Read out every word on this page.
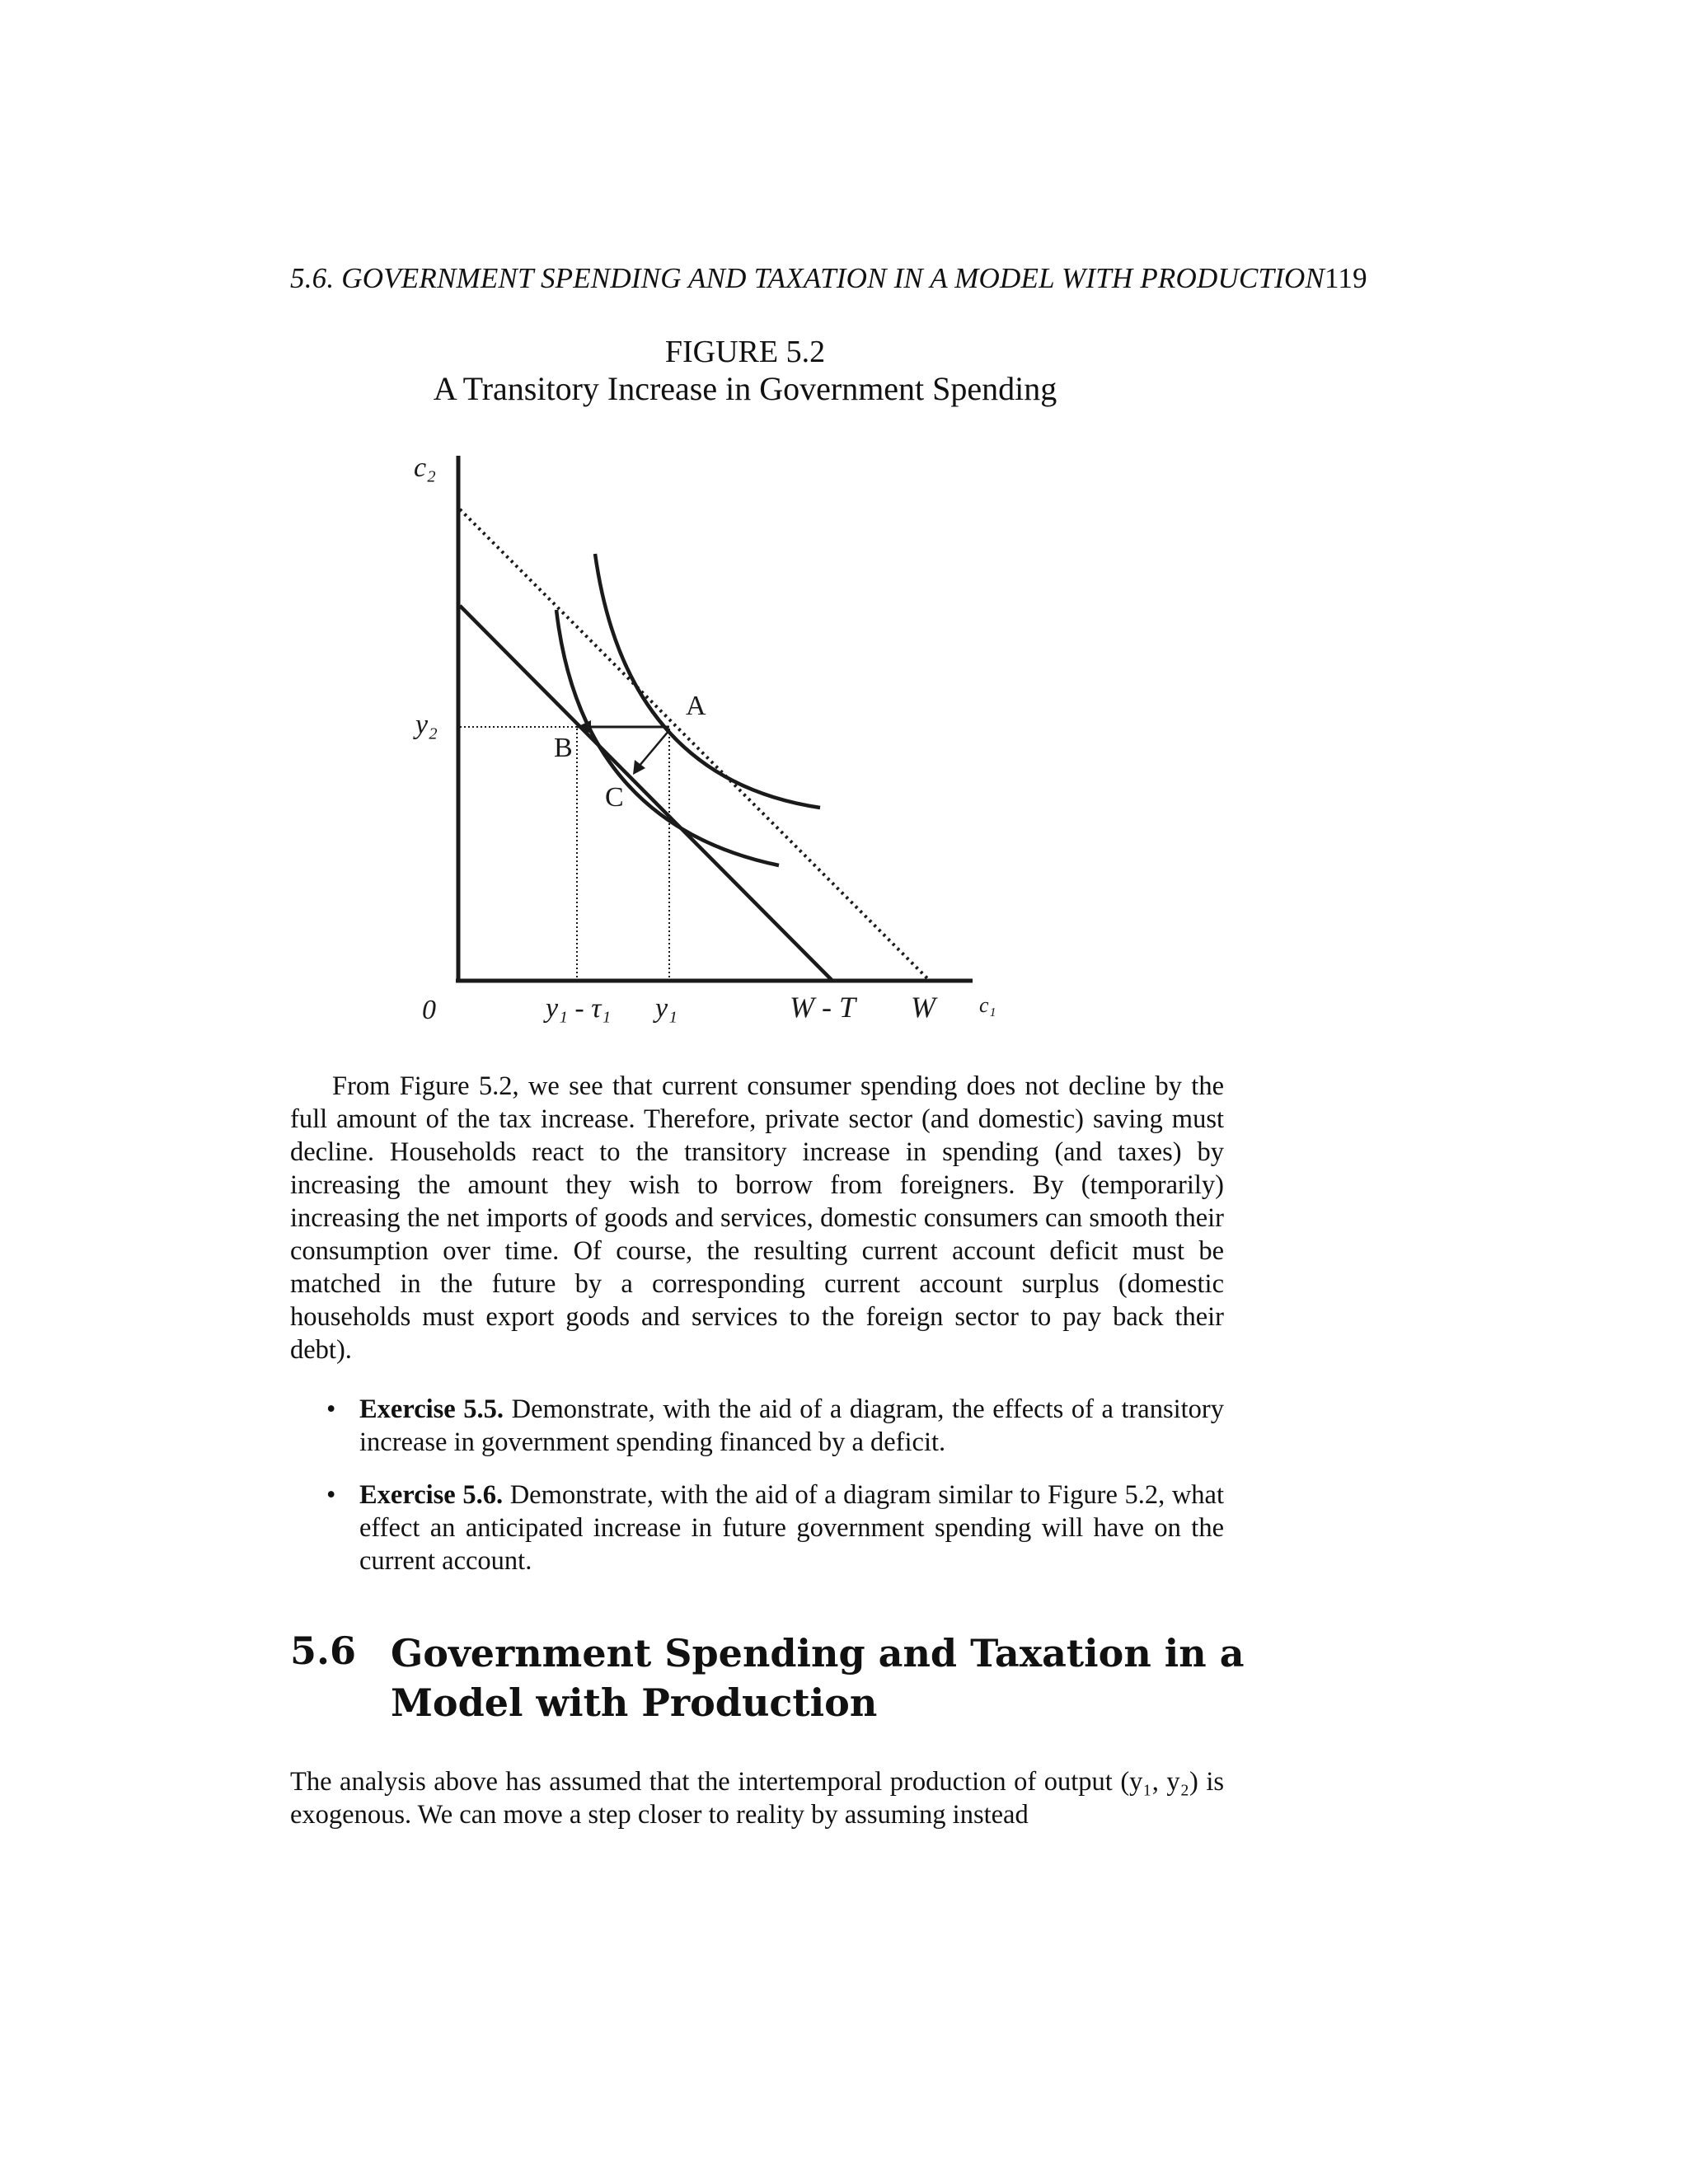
5.6. GOVERNMENT SPENDING AND TAXATION IN A MODEL WITH PRODUCTION119
FIGURE 5.2
A Transitory Increase in Government Spending
c₂
c₁
0
y₂
y₁ - τ₁ y₁	W - T W
A
B
C

From Figure 5.2, we see that current consumer spending does not decline by the full amount of the tax increase. Therefore, private sector (and domestic) saving must decline. Households react to the transitory increase in spending (and taxes) by increasing the amount they wish to borrow from foreigners. By (temporarily) increasing the net imports of goods and services, domestic consumers can smooth their consumption over time. Of course, the resulting current account deficit must be matched in the future by a corresponding current account surplus (domestic households must export goods and services to the foreign sector to pay back their debt).

• Exercise 5.5. Demonstrate, with the aid of a diagram, the effects of a transitory increase in government spending financed by a deficit.
• Exercise 5.6. Demonstrate, with the aid of a diagram similar to Figure 5.2, what effect an anticipated increase in future government spending will have on the current account.
5.6 Government Spending and Taxation in a Model with Production

The analysis above has assumed that the intertemporal production of output (y₁, y₂) is exogenous. We can move a step closer to reality by assuming instead
